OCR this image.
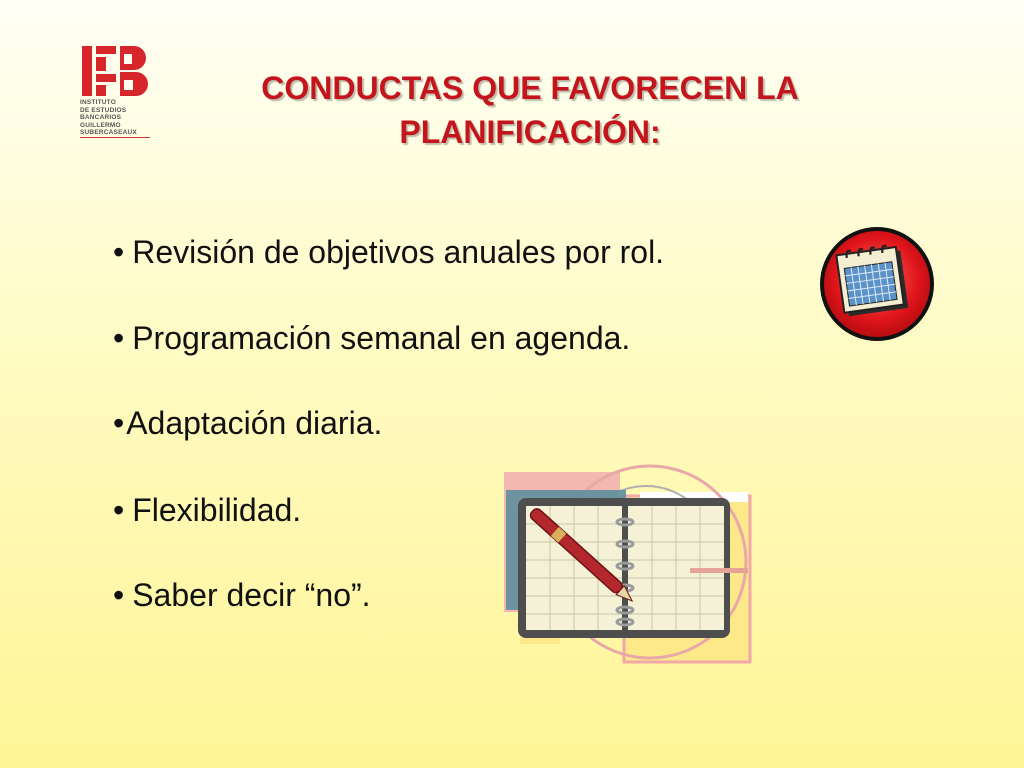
INSTITUTO
DE ESTUDIOS
BANCARIOS
GUILLERMO
SUBERCASEAUX
CONDUCTAS QUE FAVORECEN LA
PLANIFICACIÓN:
• Revisión de objetivos anuales por rol.
• Programación semanal en agenda.
•Adaptación diaria.
• Flexibilidad.
• Saber decir “no”.
